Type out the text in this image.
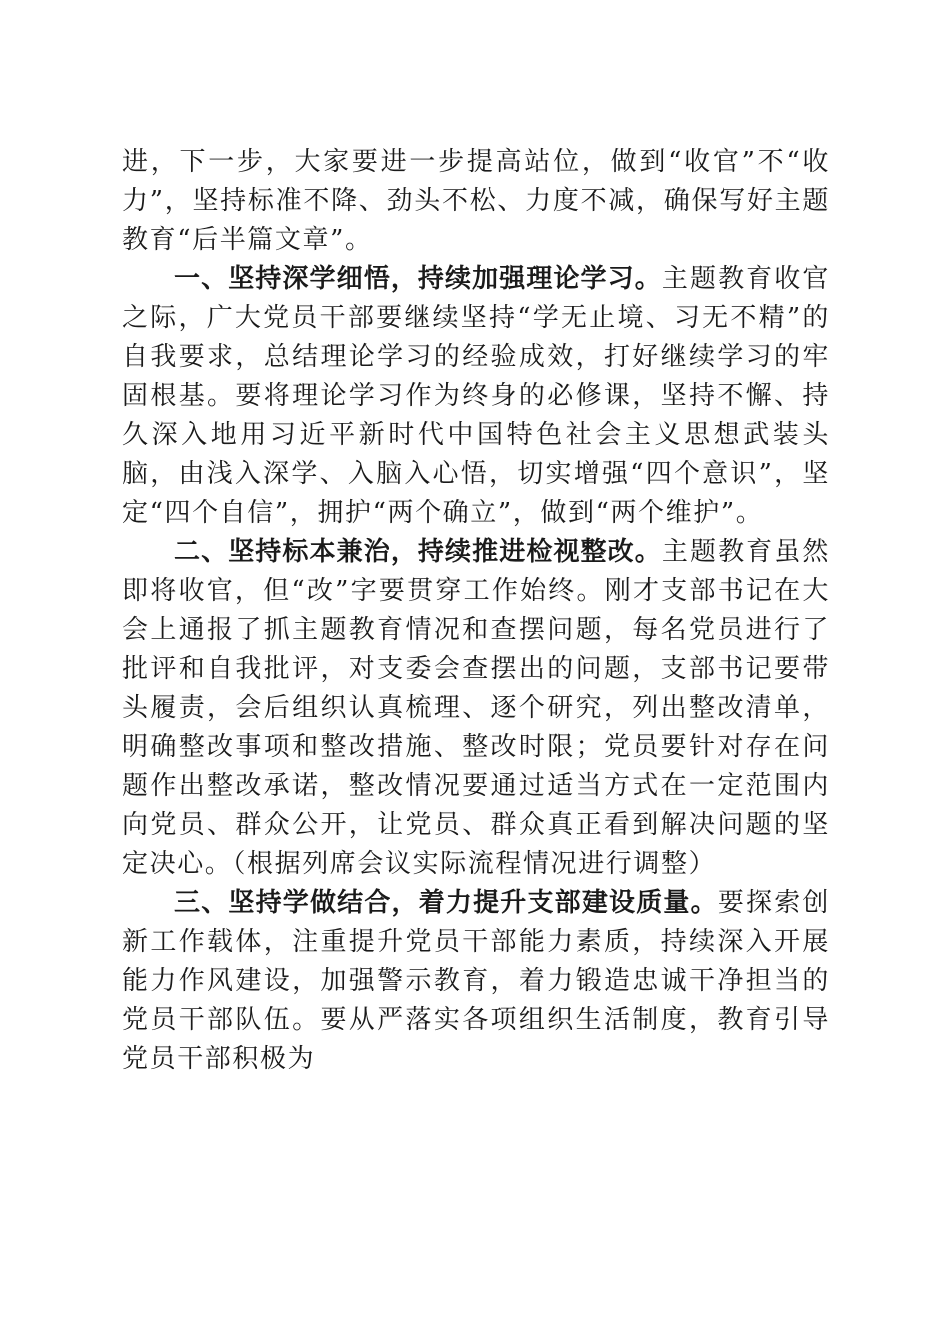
进，下一步，大家要进一步提高站位，做到“收官”不“收力”，坚持标准不降、劲头不松、力度不减，确保写好主题教育“后半篇文章”。

一、坚持深学细悟，持续加强理论学习。主题教育收官之际，广大党员干部要继续坚持“学无止境、习无不精”的自我要求，总结理论学习的经验成效，打好继续学习的牢固根基。要将理论学习作为终身的必修课，坚持不懈、持久深入地用习近平新时代中国特色社会主义思想武装头脑，由浅入深学、入脑入心悟，切实增强“四个意识”，坚定“四个自信”，拥护“两个确立”，做到“两个维护”。

二、坚持标本兼治，持续推进检视整改。主题教育虽然即将收官，但“改”字要贯穿工作始终。刚才支部书记在大会上通报了抓主题教育情况和查摆问题，每名党员进行了批评和自我批评，对支委会查摆出的问题，支部书记要带头履责，会后组织认真梳理、逐个研究，列出整改清单，明确整改事项和整改措施、整改时限；党员要针对存在问题作出整改承诺，整改情况要通过适当方式在一定范围内向党员、群众公开，让党员、群众真正看到解决问题的坚定决心。（根据列席会议实际流程情况进行调整）

三、坚持学做结合，着力提升支部建设质量。要探索创新工作载体，注重提升党员干部能力素质，持续深入开展能力作风建设，加强警示教育，着力锻造忠诚干净担当的党员干部队伍。要从严落实各项组织生活制度，教育引导党员干部积极为
